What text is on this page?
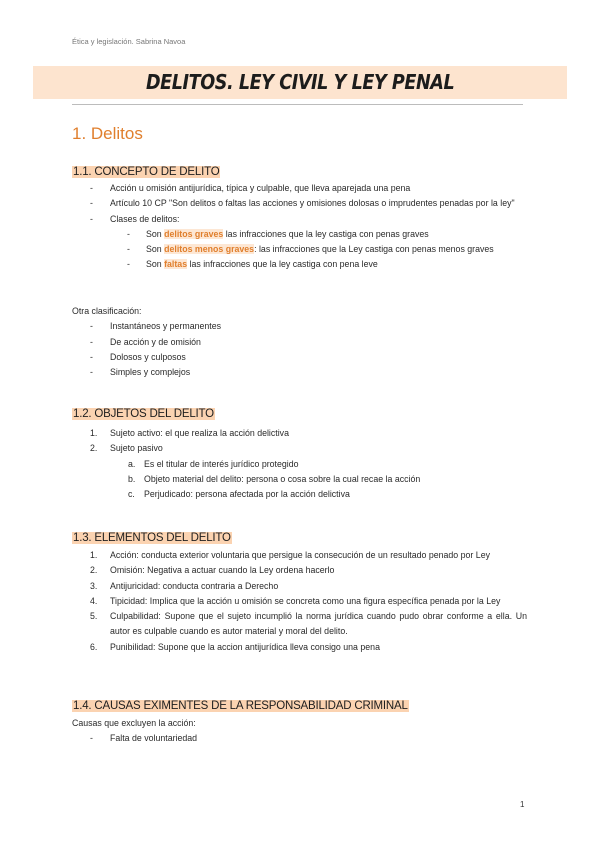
Ética y legislación. Sabrina Navoa
DELITOS. LEY CIVIL Y LEY PENAL
1. Delitos
1.1. CONCEPTO DE DELITO
-	Acción u omisión antijurídica, típica y culpable, que lleva aparejada una pena
-	Artículo 10 CP "Son delitos o faltas las acciones y omisiones dolosas o imprudentes penadas por la ley"
-	Clases de delitos:
-	Son delitos graves las infracciones que la ley castiga con penas graves
-	Son delitos menos graves: las infracciones que la Ley castiga con penas menos graves
-	Son faltas las infracciones que la ley castiga con pena leve
Otra clasificación:
-	Instantáneos y permanentes
-	De acción y de omisión
-	Dolosos y culposos
-	Simples y complejos
1.2. OBJETOS DEL DELITO
1.	Sujeto activo: el que realiza la acción delictiva
2.	Sujeto pasivo
a. Es el titular de interés jurídico protegido
b. Objeto material del delito: persona o cosa sobre la cual recae la acción
c.	Perjudicado: persona afectada por la acción delictiva
1.3. ELEMENTOS DEL DELITO
1.	Acción: conducta exterior voluntaria que persigue la consecución de un resultado penado por Ley
2.	Omisión: Negativa a actuar cuando la Ley ordena hacerlo
3.	Antijuricidad: conducta contraria a Derecho
4.	Tipicidad: Implica que la acción u omisión se concreta como una figura específica penada por la Ley
5.	Culpabilidad: Supone que el sujeto incumplió la norma jurídica cuando pudo obrar conforme a ella. Un autor es culpable cuando es autor material y moral del delito.
6.	Punibilidad: Supone que la accion antijurídica lleva consigo una pena
1.4. CAUSAS EXIMENTES DE LA RESPONSABILIDAD CRIMINAL
Causas que excluyen la acción:
-	Falta de voluntariedad
1
